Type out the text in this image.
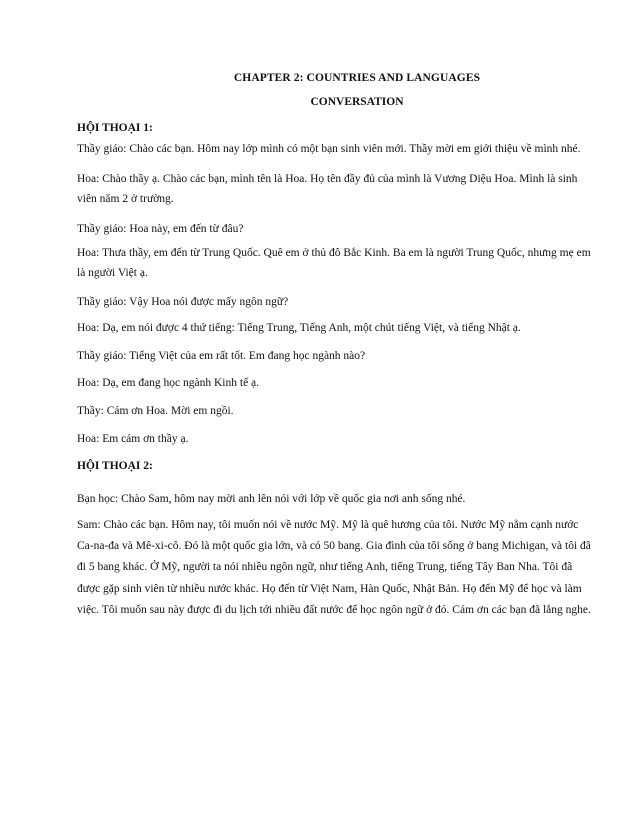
CHAPTER 2: COUNTRIES AND LANGUAGES
CONVERSATION
HỘI THOẠI 1:
Thầy giáo: Chào các bạn. Hôm nay lớp mình có một bạn sinh viên mới. Thầy mời em giới thiệu về mình nhé.
Hoa: Chào thầy ạ. Chào các bạn, mình tên là Hoa. Họ tên đầy đủ của mình là Vương Diệu Hoa. Mình là sinh viên năm 2 ở trường.
Thầy giáo: Hoa này, em đến từ đâu?
Hoa: Thưa thầy, em đến từ Trung Quốc. Quê em ở thủ đô Bắc Kinh. Ba em là người Trung Quốc, nhưng mẹ em là người Việt ạ.
Thầy giáo: Vậy Hoa nói được mấy ngôn ngữ?
Hoa: Dạ, em nói được 4 thứ tiếng: Tiếng Trung, Tiếng Anh, một chút tiếng Việt, và tiếng Nhật ạ.
Thầy giáo: Tiếng Việt của em rất tốt. Em đang học ngành nào?
Hoa: Dạ, em đang học ngành Kinh tế ạ.
Thầy: Cám ơn Hoa. Mời em ngồi.
Hoa: Em cám ơn thầy ạ.
HỘI THOẠI 2:
Bạn học: Chào Sam, hôm nay mời anh lên nói với lớp về quốc gia nơi anh sống nhé.
Sam: Chào các bạn. Hôm nay, tôi muốn nói về nước Mỹ. Mỹ là quê hương của tôi. Nước Mỹ nằm cạnh nước Ca-na-đa và Mê-xi-cô. Đó là một quốc gia lớn, và có 50 bang. Gia đình của tôi sống ở bang Michigan, và tôi đã đi 5 bang khác. Ở Mỹ, người ta nói nhiều ngôn ngữ, như tiếng Anh, tiếng Trung, tiếng Tây Ban Nha. Tôi đã được gặp sinh viên từ nhiều nước khác. Họ đến từ Việt Nam, Hàn Quốc, Nhật Bản. Họ đến Mỹ để học và làm việc. Tôi muốn sau này được đi du lịch tới nhiều đất nước để học ngôn ngữ ở đó. Cám ơn các bạn đã lắng nghe.
